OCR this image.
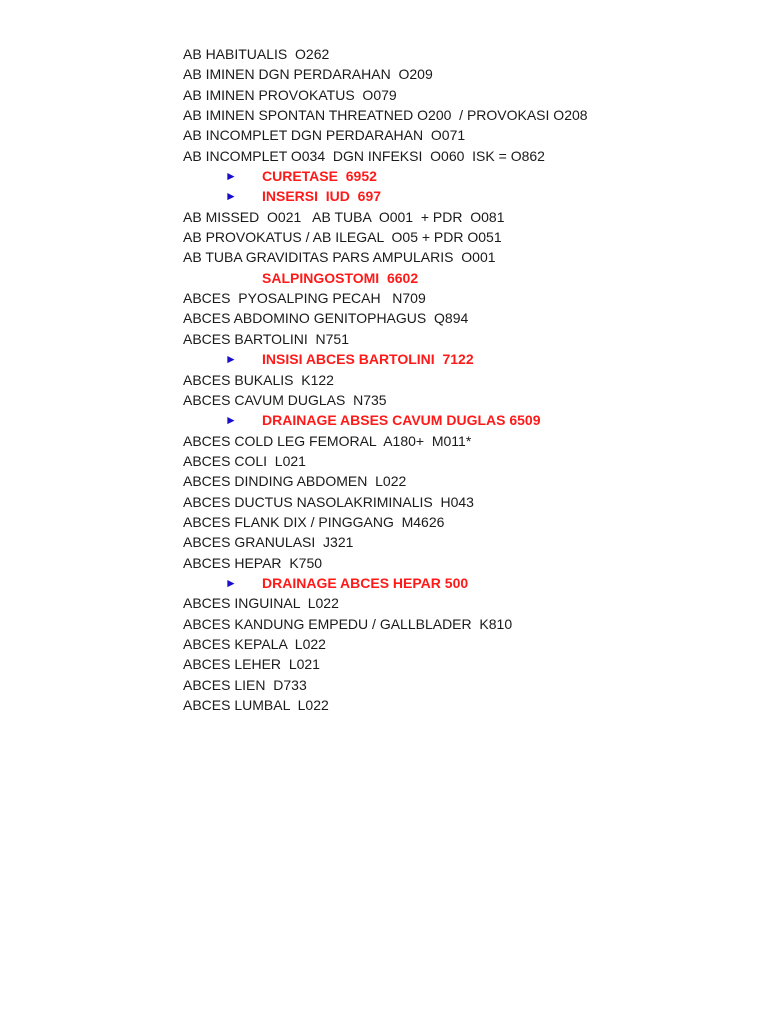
AB HABITUALIS  O262
AB IMINEN DGN PERDARAHAN  O209
AB IMINEN PROVOKATUS  O079
AB IMINEN SPONTAN THREATNED O200  / PROVOKASI O208
AB INCOMPLET DGN PERDARAHAN  O071
AB INCOMPLET O034  DGN INFEKSI  O060  ISK = O862
► CURETASE  6952
► INSERSI  IUD  697
AB MISSED  O021   AB TUBA  O001  + PDR  O081
AB PROVOKATUS / AB ILEGAL  O05 + PDR O051
AB TUBA GRAVIDITAS PARS AMPULARIS  O001
SALPINGOSTOMI  6602
ABCES  PYOSALPING PECAH   N709
ABCES ABDOMINO GENITOPHAGUS  Q894
ABCES BARTOLINI  N751
► INSISI ABCES BARTOLINI  7122
ABCES BUKALIS  K122
ABCES CAVUM DUGLAS  N735
► DRAINAGE ABSES CAVUM DUGLAS 6509
ABCES COLD LEG FEMORAL  A180+  M011*
ABCES COLI  L021
ABCES DINDING ABDOMEN  L022
ABCES DUCTUS NASOLAKRIMINALIS  H043
ABCES FLANK DIX / PINGGANG  M4626
ABCES GRANULASI  J321
ABCES HEPAR  K750
► DRAINAGE ABCES HEPAR 500
ABCES INGUINAL  L022
ABCES KANDUNG EMPEDU / GALLBLADER  K810
ABCES KEPALA  L022
ABCES LEHER  L021
ABCES LIEN  D733
ABCES LUMBAL  L022
